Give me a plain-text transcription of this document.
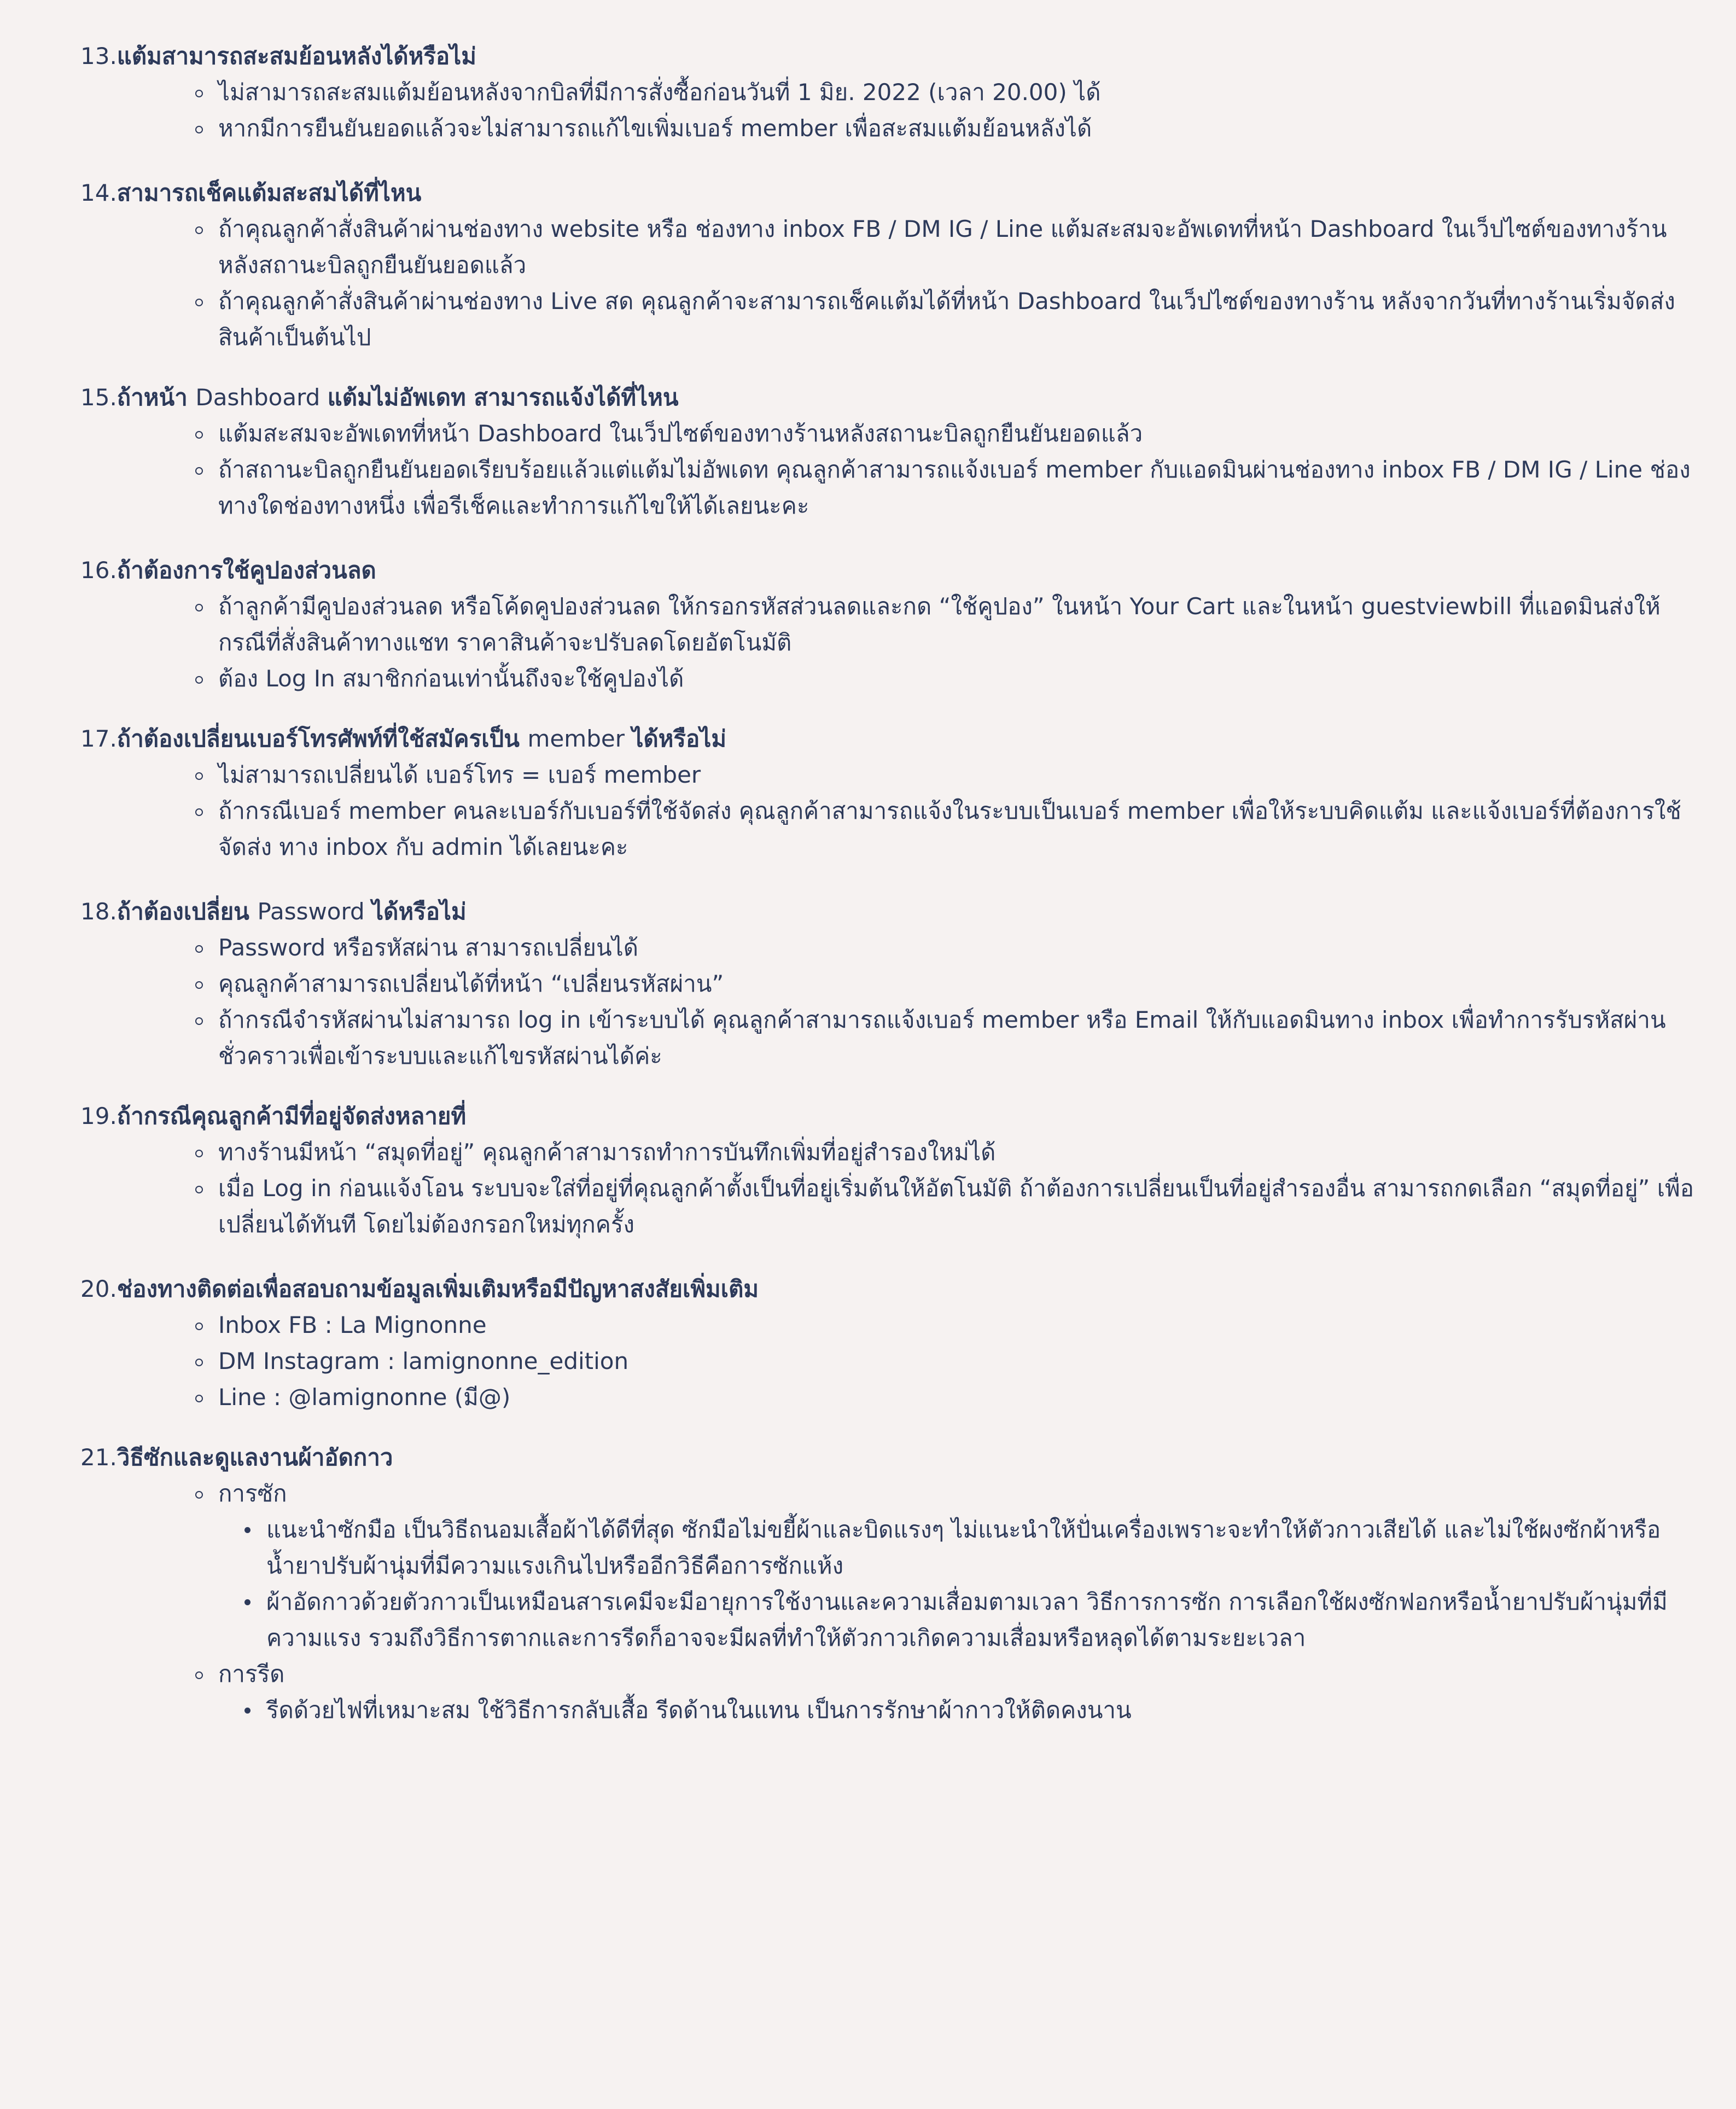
13.แต้มสามารถสะสมย้อนหลังได้หรือไม่
ไม่สามารถสะสมแต้มย้อนหลังจากบิลที่มีการสั่งซื้อก่อนวันที่ 1 มิย. 2022 (เวลา 20.00) ได้
หากมีการยืนยันยอดแล้วจะไม่สามารถแก้ไขเพิ่มเบอร์ member เพื่อสะสมแต้มย้อนหลังได้
14.สามารถเช็คแต้มสะสมได้ที่ไหน
ถ้าคุณลูกค้าสั่งสินค้าผ่านช่องทาง website หรือ ช่องทาง inbox FB / DM IG / Line แต้มสะสมจะอัพเดทที่หน้า Dashboard ในเว็ปไซต์ของทางร้านหลังสถานะบิลถูกยืนยันยอดแล้ว
ถ้าคุณลูกค้าสั่งสินค้าผ่านช่องทาง Live สด คุณลูกค้าจะสามารถเช็คแต้มได้ที่หน้า Dashboard ในเว็ปไซต์ของทางร้าน หลังจากวันที่ทางร้านเริ่มจัดส่งสินค้าเป็นต้นไป
15.ถ้าหน้า Dashboard แต้มไม่อัพเดท สามารถแจ้งได้ที่ไหน
แต้มสะสมจะอัพเดทที่หน้า Dashboard ในเว็ปไซต์ของทางร้านหลังสถานะบิลถูกยืนยันยอดแล้ว
ถ้าสถานะบิลถูกยืนยันยอดเรียบร้อยแล้วแต่แต้มไม่อัพเดท คุณลูกค้าสามารถแจ้งเบอร์ member กับแอดมินผ่านช่องทาง inbox FB / DM IG / Line ช่องทางใดช่องทางหนึ่ง เพื่อรีเช็คและทำการแก้ไขให้ได้เลยนะคะ
16.ถ้าต้องการใช้คูปองส่วนลด
ถ้าลูกค้ามีคูปองส่วนลด หรือโค้ดคูปองส่วนลด ให้กรอกรหัสส่วนลดและกด “ใช้คูปอง” ในหน้า Your Cart และในหน้า guestviewbill ที่แอดมินส่งให้ กรณีที่สั่งสินค้าทางแชท ราคาสินค้าจะปรับลดโดยอัตโนมัติ
ต้อง Log In สมาชิกก่อนเท่านั้นถึงจะใช้คูปองได้
17.ถ้าต้องเปลี่ยนเบอร์โทรศัพท์ที่ใช้สมัครเป็น member ได้หรือไม่
ไม่สามารถเปลี่ยนได้ เบอร์โทร = เบอร์ member
ถ้ากรณีเบอร์ member คนละเบอร์กับเบอร์ที่ใช้จัดส่ง คุณลูกค้าสามารถแจ้งในระบบเป็นเบอร์ member เพื่อให้ระบบคิดแต้ม และแจ้งเบอร์ที่ต้องการใช้จัดส่ง ทาง inbox กับ admin ได้เลยนะคะ
18.ถ้าต้องเปลี่ยน Password ได้หรือไม่
Password หรือรหัสผ่าน สามารถเปลี่ยนได้
คุณลูกค้าสามารถเปลี่ยนได้ที่หน้า “เปลี่ยนรหัสผ่าน”
ถ้ากรณีจำรหัสผ่านไม่สามารถ log in เข้าระบบได้ คุณลูกค้าสามารถแจ้งเบอร์ member หรือ Email ให้กับแอดมินทาง inbox เพื่อทำการรับรหัสผ่านชั่วคราวเพื่อเข้าระบบและแก้ไขรหัสผ่านได้ค่ะ
19.ถ้ากรณีคุณลูกค้ามีที่อยู่จัดส่งหลายที่
ทางร้านมีหน้า “สมุดที่อยู่” คุณลูกค้าสามารถทำการบันทึกเพิ่มที่อยู่สำรองใหม่ได้
เมื่อ Log in ก่อนแจ้งโอน ระบบจะใส่ที่อยู่ที่คุณลูกค้าตั้งเป็นที่อยู่เริ่มต้นให้อัตโนมัติ ถ้าต้องการเปลี่ยนเป็นที่อยู่สำรองอื่น สามารถกดเลือก “สมุดที่อยู่” เพื่อเปลี่ยนได้ทันที โดยไม่ต้องกรอกใหม่ทุกครั้ง
20.ช่องทางติดต่อเพื่อสอบถามข้อมูลเพิ่มเติมหรือมีปัญหาสงสัยเพิ่มเติม
Inbox FB : La Mignonne
DM Instagram : lamignonne_edition
Line : @lamignonne (มี@)
21.วิธีซักและดูแลงานผ้าอัดกาว
การซัก
แนะนำซักมือ เป็นวิธีถนอมเสื้อผ้าได้ดีที่สุด ซักมือไม่ขยี้ผ้าและบิดแรงๆ ไม่แนะนำให้ปั่นเครื่องเพราะจะทำให้ตัวกาวเสียได้ และไม่ใช้ผงซักผ้าหรือน้ำยาปรับผ้านุ่มที่มีความแรงเกินไปหรืออีกวิธีคือการซักแห้ง
ผ้าอัดกาวด้วยตัวกาวเป็นเหมือนสารเคมีจะมีอายุการใช้งานและความเสื่อมตามเวลา วิธีการการซัก การเลือกใช้ผงซักฟอกหรือน้ำยาปรับผ้านุ่มที่มีความแรง รวมถึงวิธีการตากและการรีดก็อาจจะมีผลที่ทำให้ตัวกาวเกิดความเสื่อมหรือหลุดได้ตามระยะเวลา
การรีด
รีดด้วยไฟที่เหมาะสม ใช้วิธีการกลับเสื้อ รีดด้านในแทน เป็นการรักษาผ้ากาวให้ติดคงนาน
